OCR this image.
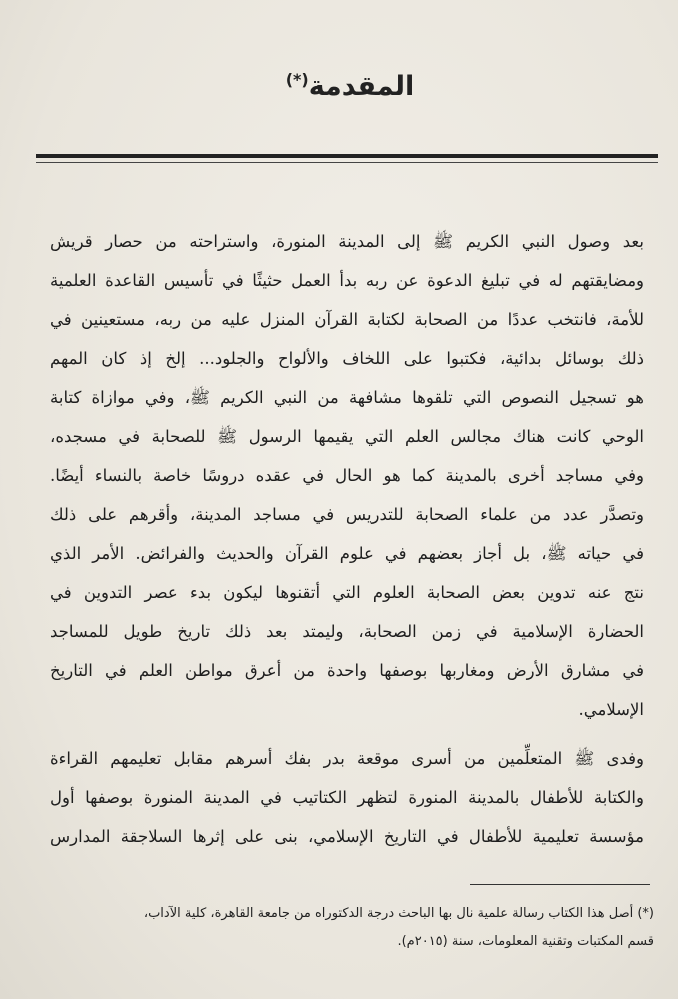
المقدمة(*)

بعد وصول النبي الكريم ﷺ إلى المدينة المنورة، واستراحته من حصار قريش
ومضايقتهم له في تبليغ الدعوة عن ربه بدأ العمل حثيثًا في تأسيس القاعدة العلمية
للأمة، فانتخب عددًا من الصحابة لكتابة القرآن المنزل عليه من ربه، مستعينين في
ذلك بوسائل بدائية، فكتبوا على اللخاف والألواح والجلود... إلخ إذ كان المهم
هو تسجيل النصوص التي تلقوها مشافهة من النبي الكريم ﷺ، وفي موازاة كتابة
الوحي كانت هناك مجالس العلم التي يقيمها الرسول ﷺ للصحابة في مسجده،
وفي مساجد أخرى بالمدينة كما هو الحال في عقده دروسًا خاصة بالنساء أيضًا.
وتصدَّر عدد من علماء الصحابة للتدريس في مساجد المدينة، وأقرهم على ذلك
في حياته ﷺ، بل أجاز بعضهم في علوم القرآن والحديث والفرائض. الأمر الذي
نتج عنه تدوين بعض الصحابة العلوم التي أتقنوها ليكون بدء عصر التدوين في
الحضارة الإسلامية في زمن الصحابة، وليمتد بعد ذلك تاريخ طويل للمساجد
في مشارق الأرض ومغاربها بوصفها واحدة من أعرق مواطن العلم في التاريخ
الإسلامي.

وفدى ﷺ المتعلِّمين من أسرى موقعة بدر بفك أسرهم مقابل تعليمهم القراءة
والكتابة للأطفال بالمدينة المنورة لتظهر الكتاتيب في المدينة المنورة بوصفها أول
مؤسسة تعليمية للأطفال في التاريخ الإسلامي، بنى على إثرها السلاجقة المدارس

(*) أصل هذا الكتاب رسالة علمية نال بها الباحث درجة الدكتوراه من جامعة القاهرة، كلية الآداب،
قسم المكتبات وتقنية المعلومات، سنة (٢٠١٥م).
